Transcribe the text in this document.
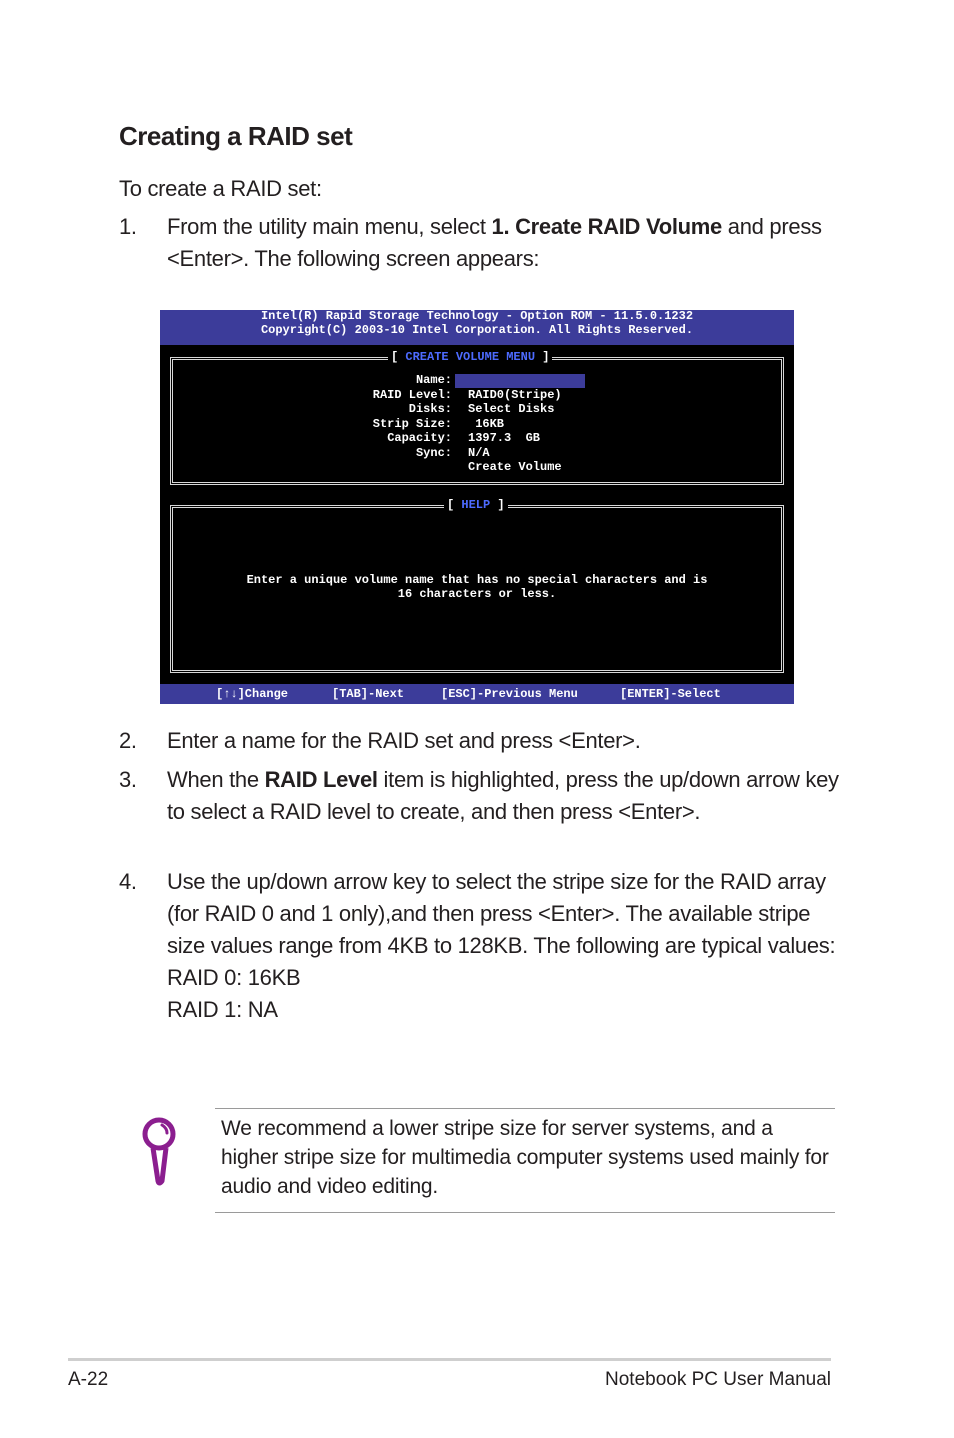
Creating a RAID set
To create a RAID set:
1. From the utility main menu, select 1. Create RAID Volume and press <Enter>. The following screen appears:
Intel(R) Rapid Storage Technology - Option ROM - 11.5.0.1232
Copyright(C) 2003-10 Intel Corporation. All Rights Reserved.
[ CREATE VOLUME MENU ]
Name:
RAID Level: RAID0(Stripe)
Disks: Select Disks
Strip Size: 16KB
Capacity: 1397.3  GB
Sync: N/A
Create Volume
[ HELP ]
Enter a unique volume name that has no special characters and is
16 characters or less.
[↑↓]Change	[TAB]-Next	[ESC]-Previous Menu	[ENTER]-Select
2. Enter a name for the RAID set and press <Enter>.
3. When the RAID Level item is highlighted, press the up/down arrow key to select a RAID level to create, and then press <Enter>.
4. Use the up/down arrow key to select the stripe size for the RAID array (for RAID 0 and 1 only),and then press <Enter>. The available stripe size values range from 4KB to 128KB. The following are typical values:
RAID 0: 16KB
RAID 1: NA
We recommend a lower stripe size for server systems, and a higher stripe size for multimedia computer systems used mainly for audio and video editing.
A-22	Notebook PC User Manual
